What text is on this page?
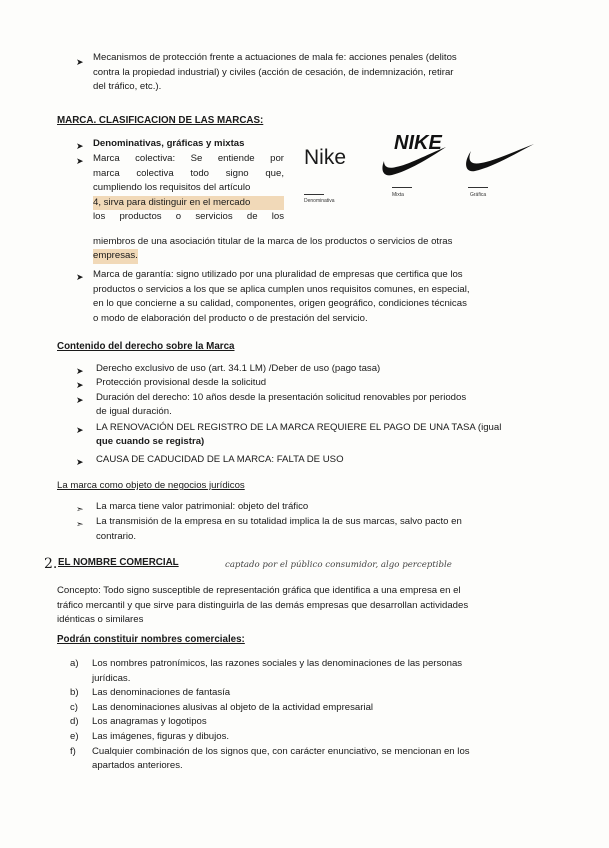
➤ Mecanismos de protección frente a actuaciones de mala fe: acciones penales (delitos
contra la propiedad industrial) y civiles (acción de cesación, de indemnización, retirar
del tráfico, etc.).
MARCA. CLASIFICACION DE LAS MARCAS:
➤ Denominativas, gráficas y mixtas
➤ Marca colectiva: Se entiende por
marca colectiva todo signo que,
cumpliendo los requisitos del artículo
4, sirva para distinguir en el mercado
los productos o servicios de los
miembros de una asociación titular de la marca de los productos o servicios de otras
empresas.
Nike
Denominativa
NIKE
Mixta	Gráfica
➤ Marca de garantía: signo utilizado por una pluralidad de empresas que certifica que los
productos o servicios a los que se aplica cumplen unos requisitos comunes, en especial,
en lo que concierne a su calidad, componentes, origen geográfico, condiciones técnicas
o modo de elaboración del producto o de prestación del servicio.
Contenido del derecho sobre la Marca
➤ Derecho exclusivo de uso (art. 34.1 LM) /Deber de uso (pago tasa)
➤ Protección provisional desde la solicitud
➤ Duración del derecho: 10 años desde la presentación solicitud renovables por periodos
de igual duración.
➤ LA RENOVACIÓN DEL REGISTRO DE LA MARCA REQUIERE EL PAGO DE UNA TASA (igual
que cuando se registra)
➤ CAUSA DE CADUCIDAD DE LA MARCA: FALTA DE USO
La marca como objeto de negocios jurídicos
➣ La marca tiene valor patrimonial: objeto del tráfico
➣ La transmisión de la empresa en su totalidad implica la de sus marcas, salvo pacto en
contrario.
2. EL NOMBRE COMERCIAL	captado por el público consumidor, algo perceptible
Concepto: Todo signo susceptible de representación gráfica que identifica a una empresa en el
tráfico mercantil y que sirve para distinguirla de las demás empresas que desarrollan actividades
idénticas o similares
Podrán constituir nombres comerciales:
a)	Los nombres patronímicos, las razones sociales y las denominaciones de las personas
jurídicas.
b)	Las denominaciones de fantasía
c)	Las denominaciones alusivas al objeto de la actividad empresarial
d)	Los anagramas y logotipos
e)	Las imágenes, figuras y dibujos.
f)	Cualquier combinación de los signos que, con carácter enunciativo, se mencionan en los
apartados anteriores.
